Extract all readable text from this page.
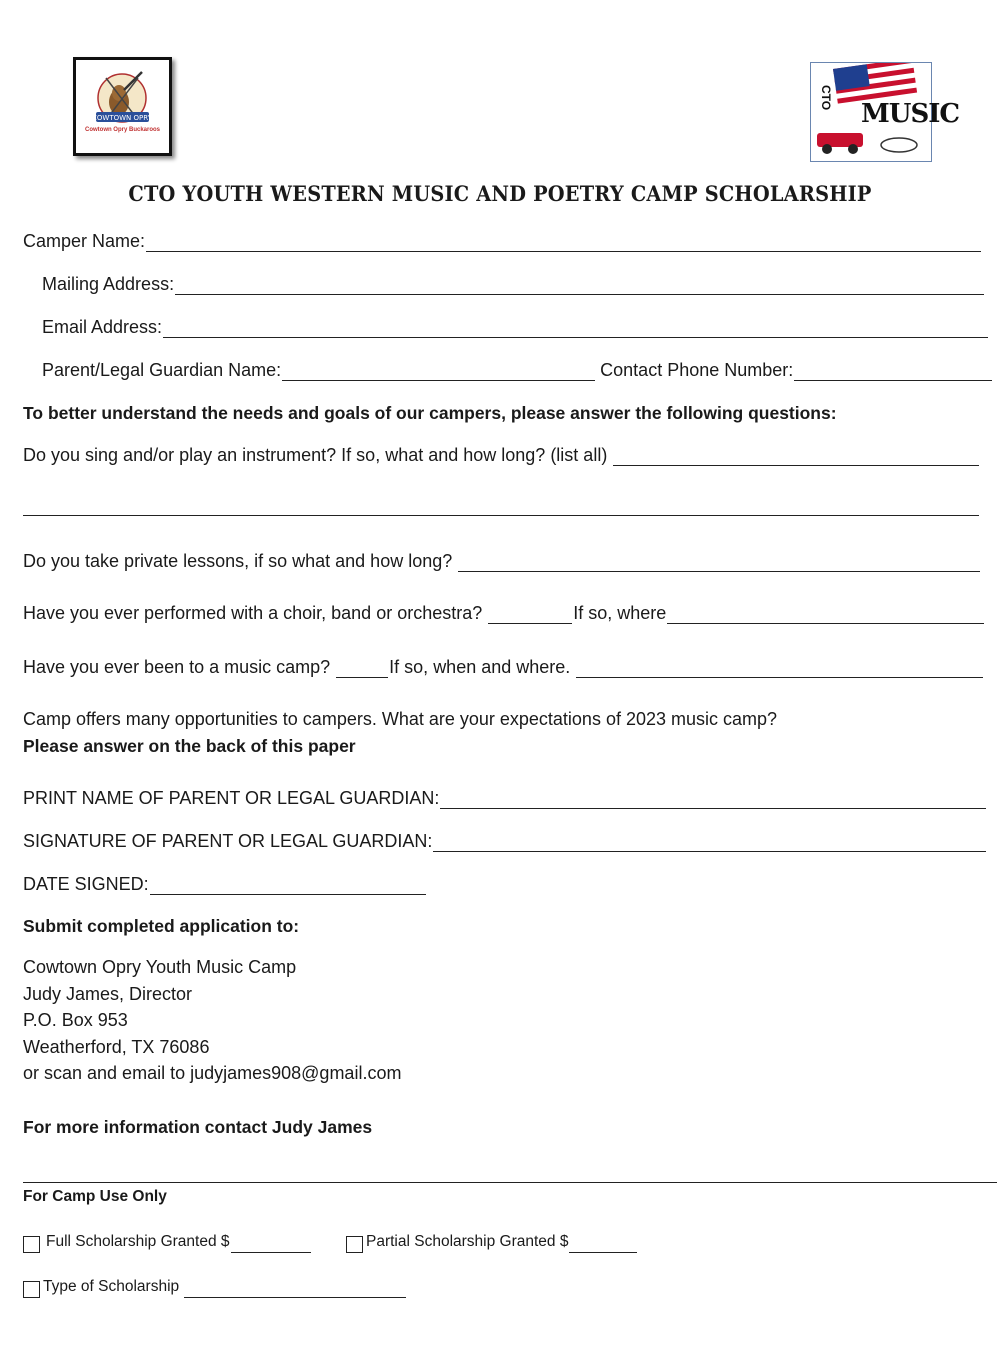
COWTOWN OPRY
Cowtown Opry Buckaroos
MUSIC
CTO
CTO YOUTH WESTERN MUSIC AND POETRY CAMP SCHOLARSHIP
Camper Name:
Mailing Address:
Email Address:
Parent/Legal Guardian Name:	Contact Phone Number:
To better understand the needs and goals of our campers, please answer the following questions:
Do you sing and/or play an instrument? If so, what and how long? (list all)
Do you take private lessons, if so what and how long?
Have you ever performed with a choir, band or orchestra?	If so, where
Have you ever been to a music camp?	If so, when and where.
Camp offers many opportunities to campers. What are your expectations of 2023 music camp?
Please answer on the back of this paper
PRINT NAME OF PARENT OR LEGAL GUARDIAN:
SIGNATURE OF PARENT OR LEGAL GUARDIAN:
DATE SIGNED:
Submit completed application to:
Cowtown Opry Youth Music Camp
Judy James, Director
P.O. Box 953
Weatherford, TX 76086
or scan and email to judyjames908@gmail.com
For more information contact Judy James
For Camp Use Only
Full Scholarship Granted $	Partial Scholarship Granted $
Type of Scholarship
